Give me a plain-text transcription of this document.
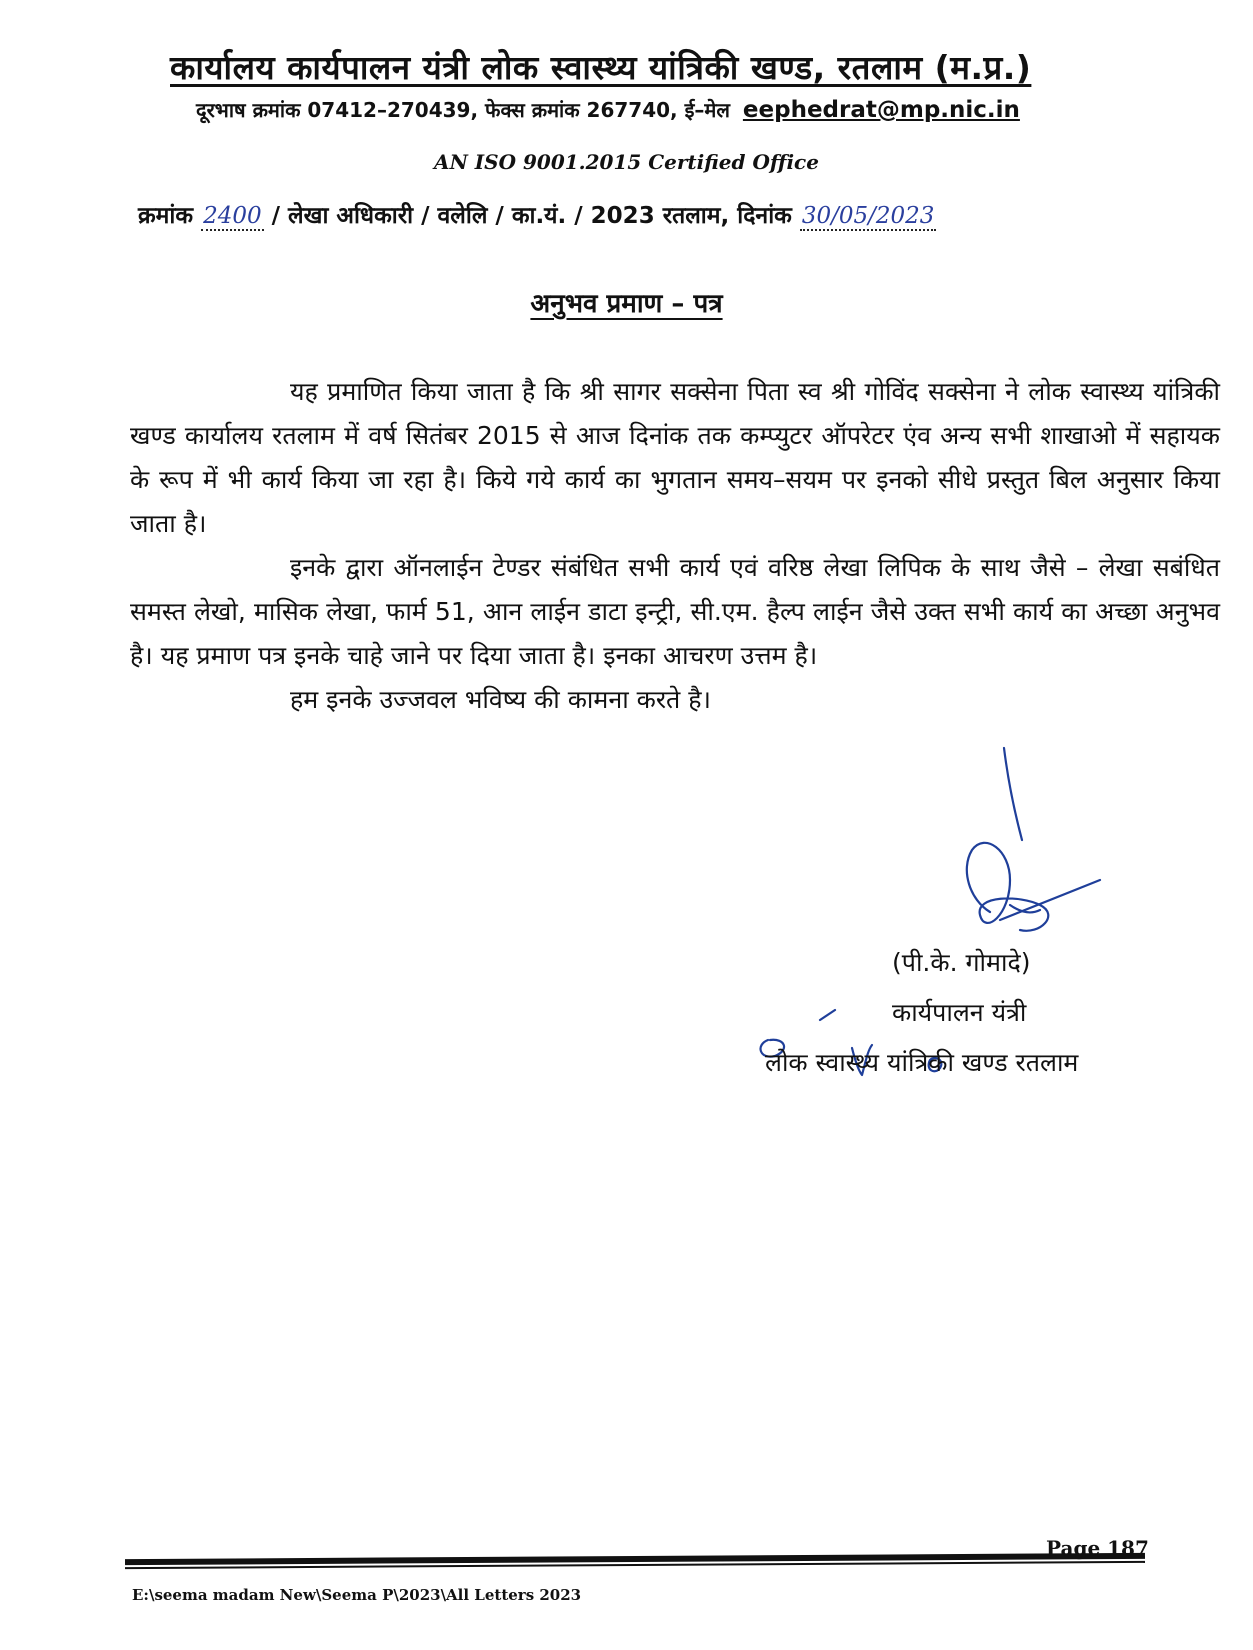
कार्यालय कार्यपालन यंत्री लोक स्वास्थ्य यांत्रिकी खण्ड, रतलाम (म.प्र.)
दूरभाष क्रमांक 07412–270439, फेक्स क्रमांक 267740, ई–मेल eephedrat@mp.nic.in
AN ISO 9001.2015 Certified Office
क्रमांक 2400 / लेखा अधिकारी / वलेलि / का.यं. / 2023 रतलाम, दिनांक 30/05/2023
अनुभव प्रमाण – पत्र

यह प्रमाणित किया जाता है कि श्री सागर सक्सेना पिता स्व श्री गोविंद सक्सेना ने लोक स्वास्थ्य यांत्रिकी खण्ड कार्यालय रतलाम में वर्ष सितंबर 2015 से आज दिनांक तक कम्प्युटर ऑपरेटर एंव अन्य सभी शाखाओ में सहायक के रूप में भी कार्य किया जा रहा है। किये गये कार्य का भुगतान समय–सयम पर इनको सीधे प्रस्तुत बिल अनुसार किया जाता है।

इनके द्वारा ऑनलाईन टेण्डर संबंधित सभी कार्य एवं वरिष्ठ लेखा लिपिक के साथ जैसे – लेखा सबंधित समस्त लेखो, मासिक लेखा, फार्म 51, आन लाईन डाटा इन्ट्री, सी.एम. हैल्प लाईन जैसे उक्त सभी कार्य का अच्छा अनुभव है। यह प्रमाण पत्र इनके चाहे जाने पर दिया जाता है। इनका आचरण उत्तम है।

हम इनके उज्जवल भविष्य की कामना करते है।

(पी.के. गोमादे)
कार्यपालन यंत्री
लोक स्वास्थ्य यांत्रिकी खण्ड रतलाम
Page 187
E:\seema madam New\Seema P\2023\All Letters 2023
